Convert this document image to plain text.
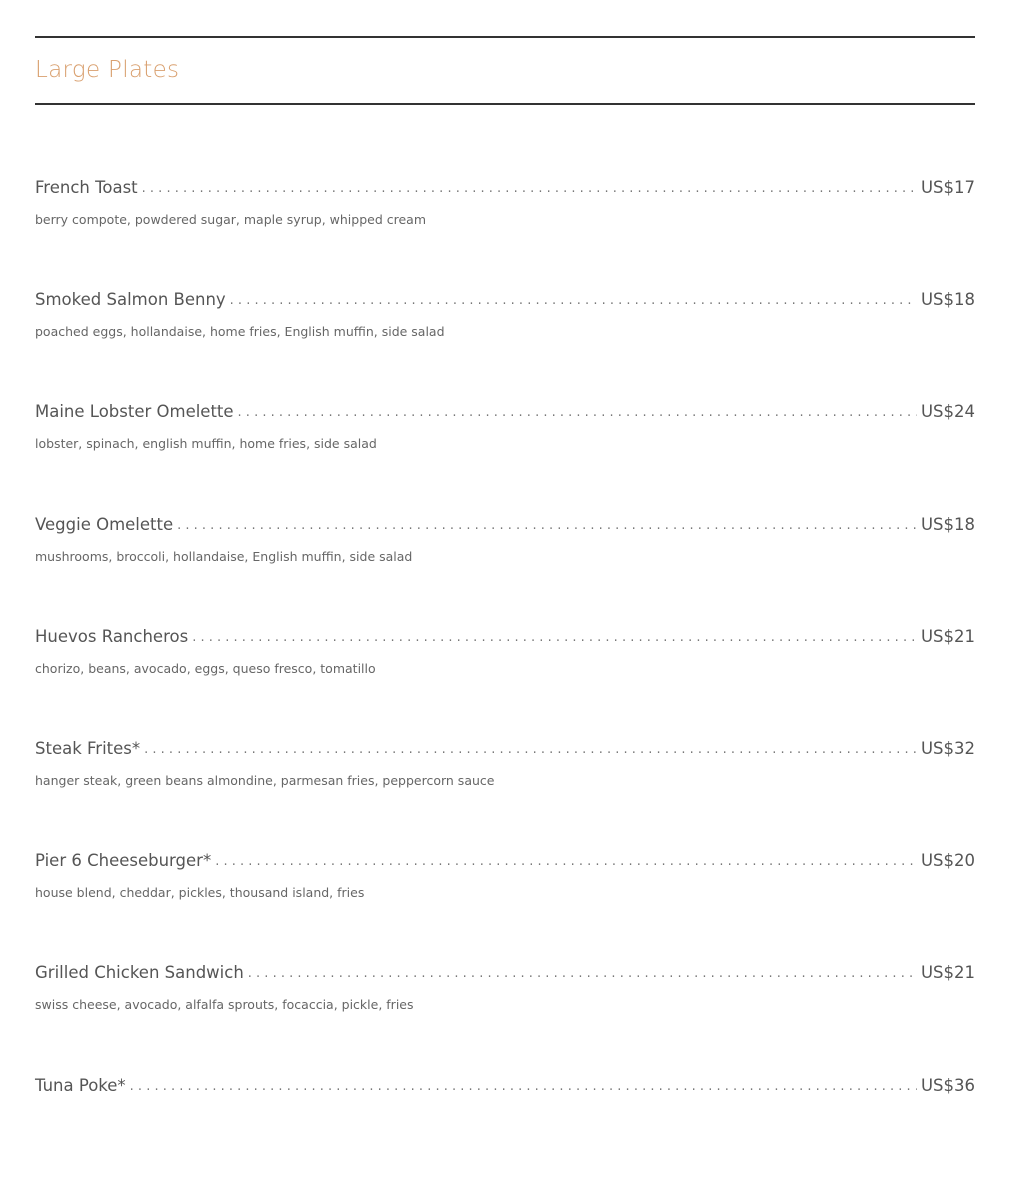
Large Plates
French Toast . . .	US$17
berry compote, powdered sugar, maple syrup, whipped cream
Smoked Salmon Benny . . .	US$18
poached eggs, hollandaise, home fries, English muffin, side salad
Maine Lobster Omelette . . .	US$24
lobster, spinach, english muffin, home fries, side salad
Veggie Omelette . . .	US$18
mushrooms, broccoli, hollandaise, English muffin, side salad
Huevos Rancheros . . .	US$21
chorizo, beans, avocado, eggs, queso fresco, tomatillo
Steak Frites* . . .	US$32
hanger steak, green beans almondine, parmesan fries, peppercorn sauce
Pier 6 Cheeseburger* . . .	US$20
house blend, cheddar, pickles, thousand island, fries
Grilled Chicken Sandwich . . .	US$21
swiss cheese, avocado, alfalfa sprouts, focaccia, pickle, fries
Tuna Poke* . . .	US$36
